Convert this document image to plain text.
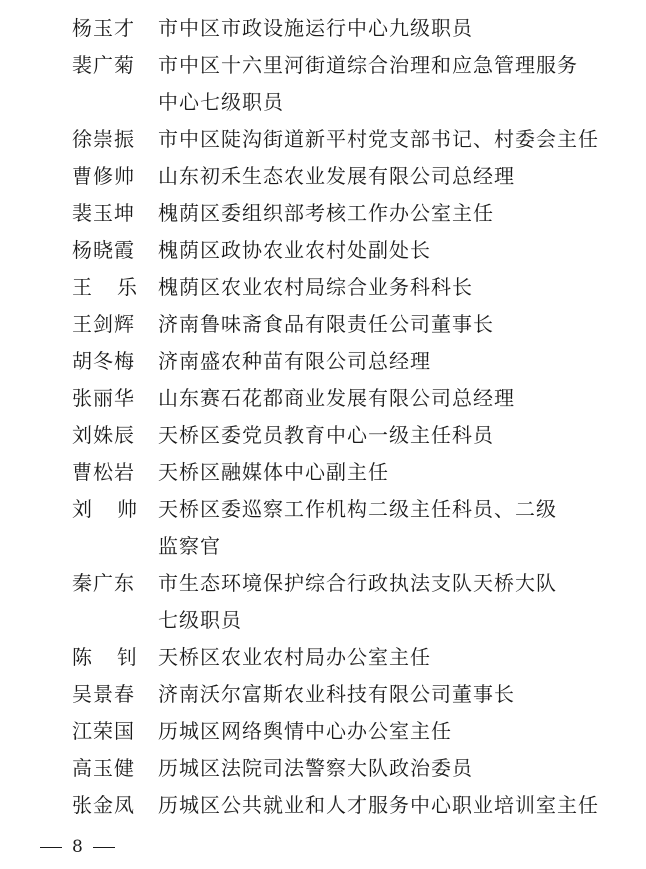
杨玉才	市中区市政设施运行中心九级职员
裴广菊	市中区十六里河街道综合治理和应急管理服务
中心七级职员
徐崇振	市中区陡沟街道新平村党支部书记、村委会主任
曹修帅	山东初禾生态农业发展有限公司总经理
裴玉坤	槐荫区委组织部考核工作办公室主任
杨晓霞	槐荫区政协农业农村处副处长
王 乐	槐荫区农业农村局综合业务科科长
王剑辉	济南鲁味斋食品有限责任公司董事长
胡冬梅	济南盛农种苗有限公司总经理
张丽华	山东赛石花都商业发展有限公司总经理
刘姝辰	天桥区委党员教育中心一级主任科员
曹松岩	天桥区融媒体中心副主任
刘 帅	天桥区委巡察工作机构二级主任科员、二级
监察官
秦广东	市生态环境保护综合行政执法支队天桥大队
七级职员
陈 钊	天桥区农业农村局办公室主任
吴景春	济南沃尔富斯农业科技有限公司董事长
江荣国	历城区网络舆情中心办公室主任
高玉健	历城区法院司法警察大队政治委员
张金凤	历城区公共就业和人才服务中心职业培训室主任
8
